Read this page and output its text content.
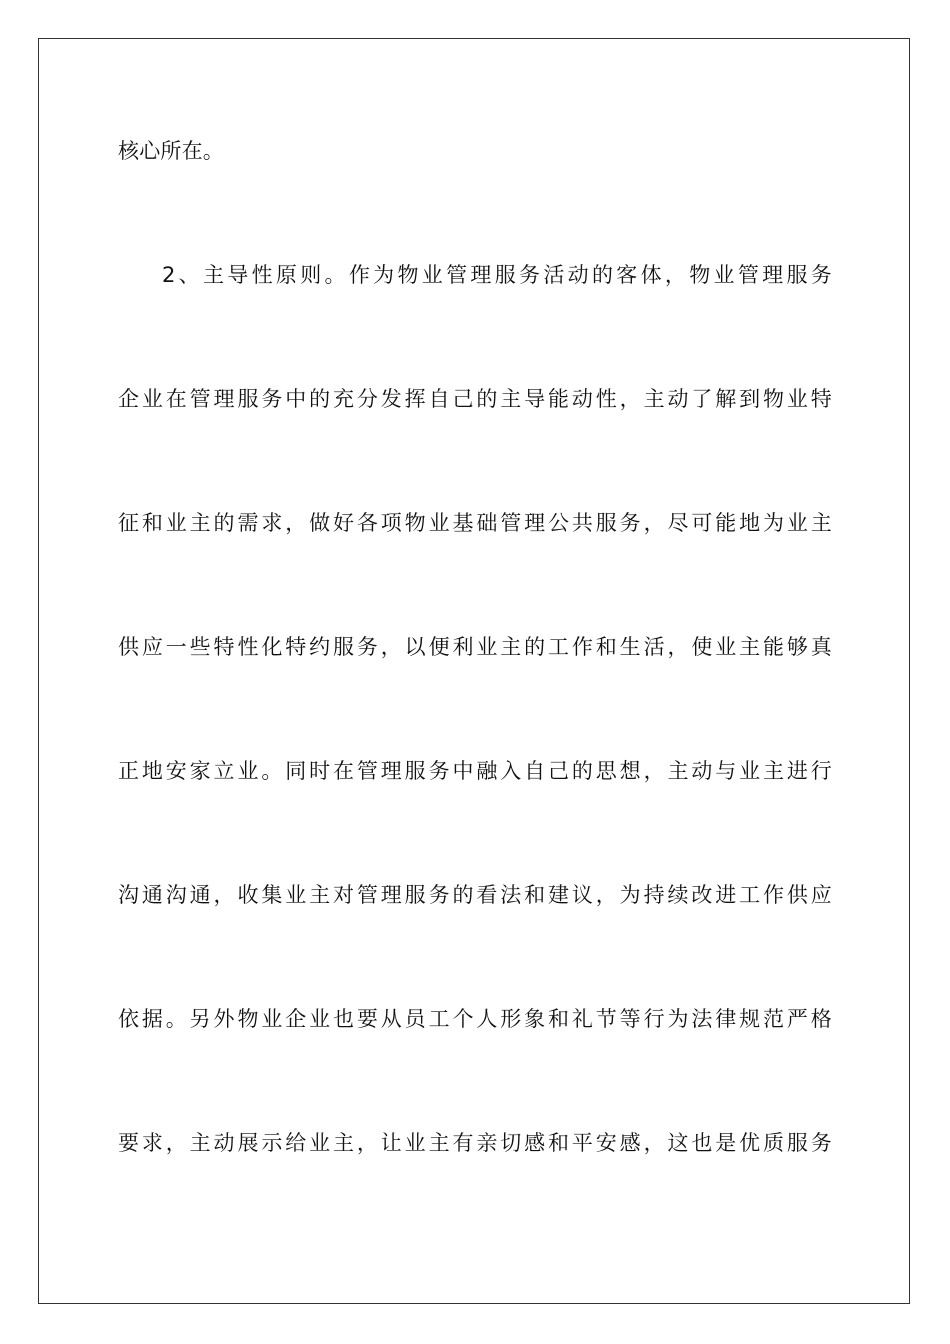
核心所在。
2、主导性原则。作为物业管理服务活动的客体，物业管理服务
企业在管理服务中的充分发挥自己的主导能动性，主动了解到物业特
征和业主的需求，做好各项物业基础管理公共服务，尽可能地为业主
供应一些特性化特约服务，以便利业主的工作和生活，使业主能够真
正地安家立业。同时在管理服务中融入自己的思想，主动与业主进行
沟通沟通，收集业主对管理服务的看法和建议，为持续改进工作供应
依据。另外物业企业也要从员工个人形象和礼节等行为法律规范严格
要求，主动展示给业主，让业主有亲切感和平安感，这也是优质服务
